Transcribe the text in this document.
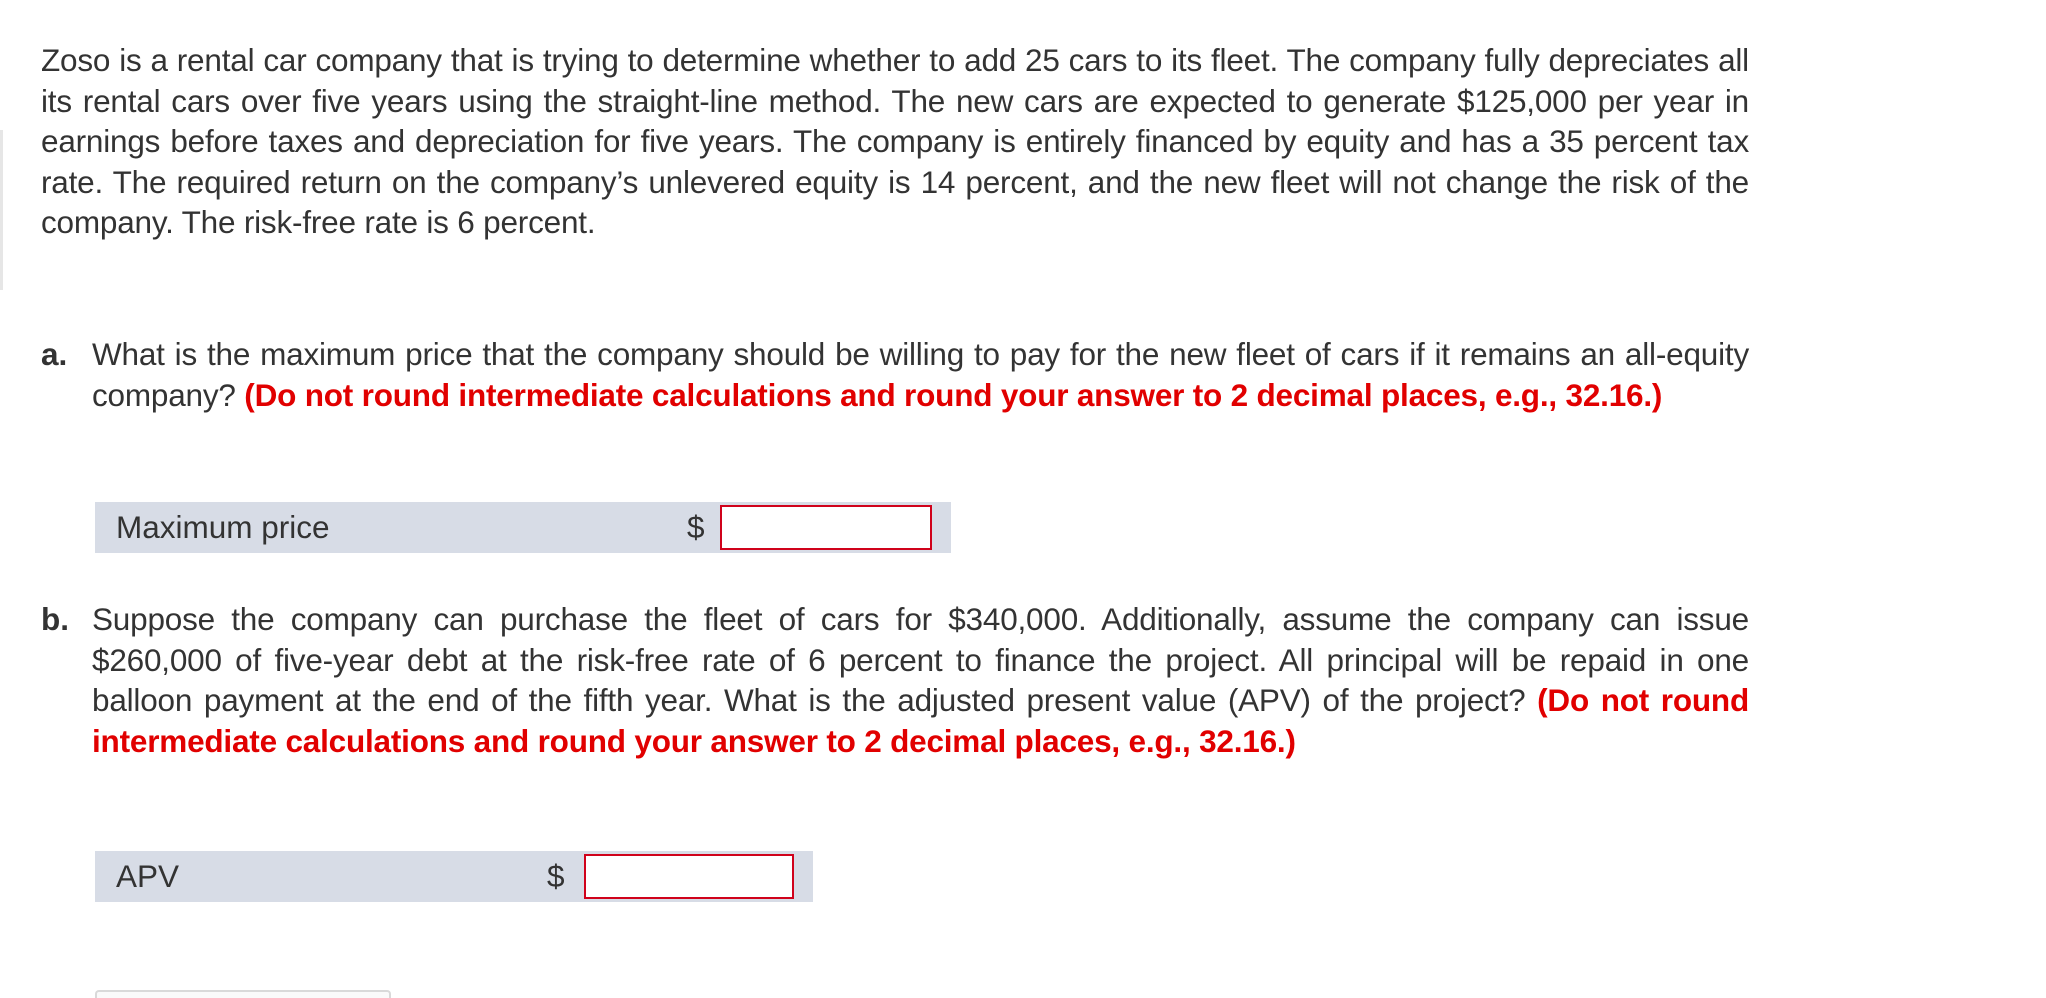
Zoso is a rental car company that is trying to determine whether to add 25 cars to its fleet. The company fully depreciates all its rental cars over five years using the straight-line method. The new cars are expected to generate $125,000 per year in earnings before taxes and depreciation for five years. The company is entirely financed by equity and has a 35 percent tax rate. The required return on the company’s unlevered equity is 14 percent, and the new fleet will not change the risk of the company. The risk-free rate is 6 percent.
a. What is the maximum price that the company should be willing to pay for the new fleet of cars if it remains an all-equity company? (Do not round intermediate calculations and round your answer to 2 decimal places, e.g., 32.16.)
Maximum price	$
b. Suppose the company can purchase the fleet of cars for $340,000. Additionally, assume the company can issue $260,000 of five-year debt at the risk-free rate of 6 percent to finance the project. All principal will be repaid in one balloon payment at the end of the fifth year. What is the adjusted present value (APV) of the project? (Do not round intermediate calculations and round your answer to 2 decimal places, e.g., 32.16.)
APV	$
